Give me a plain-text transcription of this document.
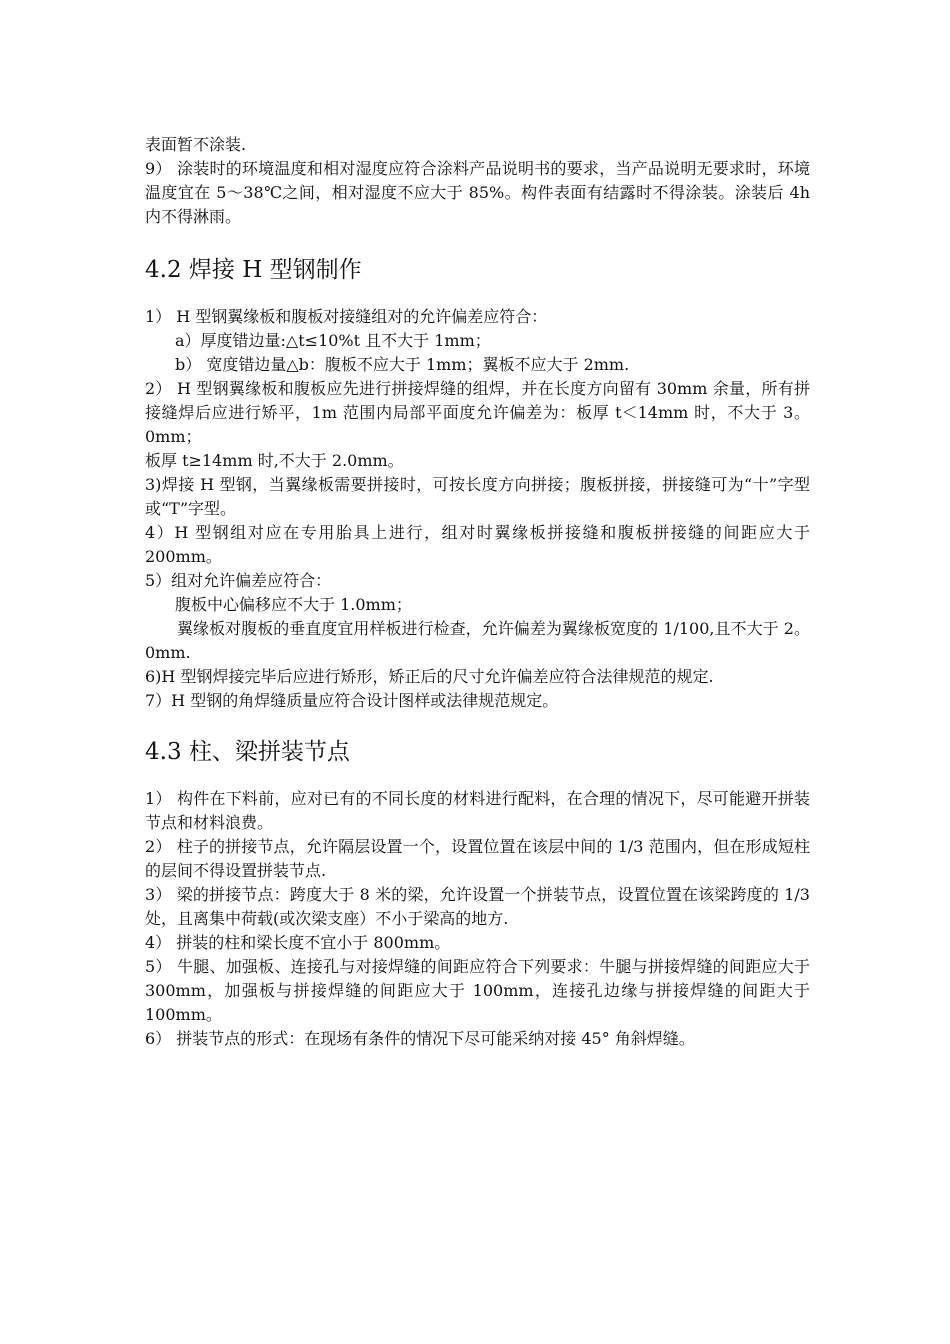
表面暂不涂装.

9） 涂装时的环境温度和相对湿度应符合涂料产品说明书的要求，当产品说明无要求时，环境温度宜在 5～38℃之间，相对湿度不应大于 85%。构件表面有结露时不得涂装。涂装后 4h 内不得淋雨。

4.2 焊接 H 型钢制作

1） H 型钢翼缘板和腹板对接缝组对的允许偏差应符合：

a）厚度错边量:△t≤10%t 且不大于 1mm；

b） 宽度错边量△b：腹板不应大于 1mm；翼板不应大于 2mm.

2） H 型钢翼缘板和腹板应先进行拼接焊缝的组焊，并在长度方向留有 30mm 余量，所有拼接缝焊后应进行矫平，1m 范围内局部平面度允许偏差为：板厚 t＜14mm 时，不大于 3。0mm；

板厚 t≥14mm 时,不大于 2.0mm。

3)焊接 H 型钢，当翼缘板需要拼接时，可按长度方向拼接；腹板拼接，拼接缝可为“十”字型或“T”字型。

4）H 型钢组对应在专用胎具上进行，组对时翼缘板拼接缝和腹板拼接缝的间距应大于 200mm。

5）组对允许偏差应符合：

腹板中心偏移应不大于 1.0mm；

翼缘板对腹板的垂直度宜用样板进行检查，允许偏差为翼缘板宽度的 1/100,且不大于 2。0mm.

6)H 型钢焊接完毕后应进行矫形，矫正后的尺寸允许偏差应符合法律规范的规定.

7）H 型钢的角焊缝质量应符合设计图样或法律规范规定。

4.3 柱、梁拼装节点

1） 构件在下料前，应对已有的不同长度的材料进行配料，在合理的情况下，尽可能避开拼装节点和材料浪费。

2） 柱子的拼接节点，允许隔层设置一个，设置位置在该层中间的 1/3 范围内，但在形成短柱的层间不得设置拼装节点.

3） 梁的拼接节点：跨度大于 8 米的梁，允许设置一个拼装节点，设置位置在该梁跨度的 1/3 处，且离集中荷载(或次梁支座）不小于梁高的地方.

4） 拼装的柱和梁长度不宜小于 800mm。

5） 牛腿、加强板、连接孔与对接焊缝的间距应符合下列要求：牛腿与拼接焊缝的间距应大于 300mm，加强板与拼接焊缝的间距应大于 100mm，连接孔边缘与拼接焊缝的间距大于 100mm。

6） 拼装节点的形式：在现场有条件的情况下尽可能采纳对接 45° 角斜焊缝。
